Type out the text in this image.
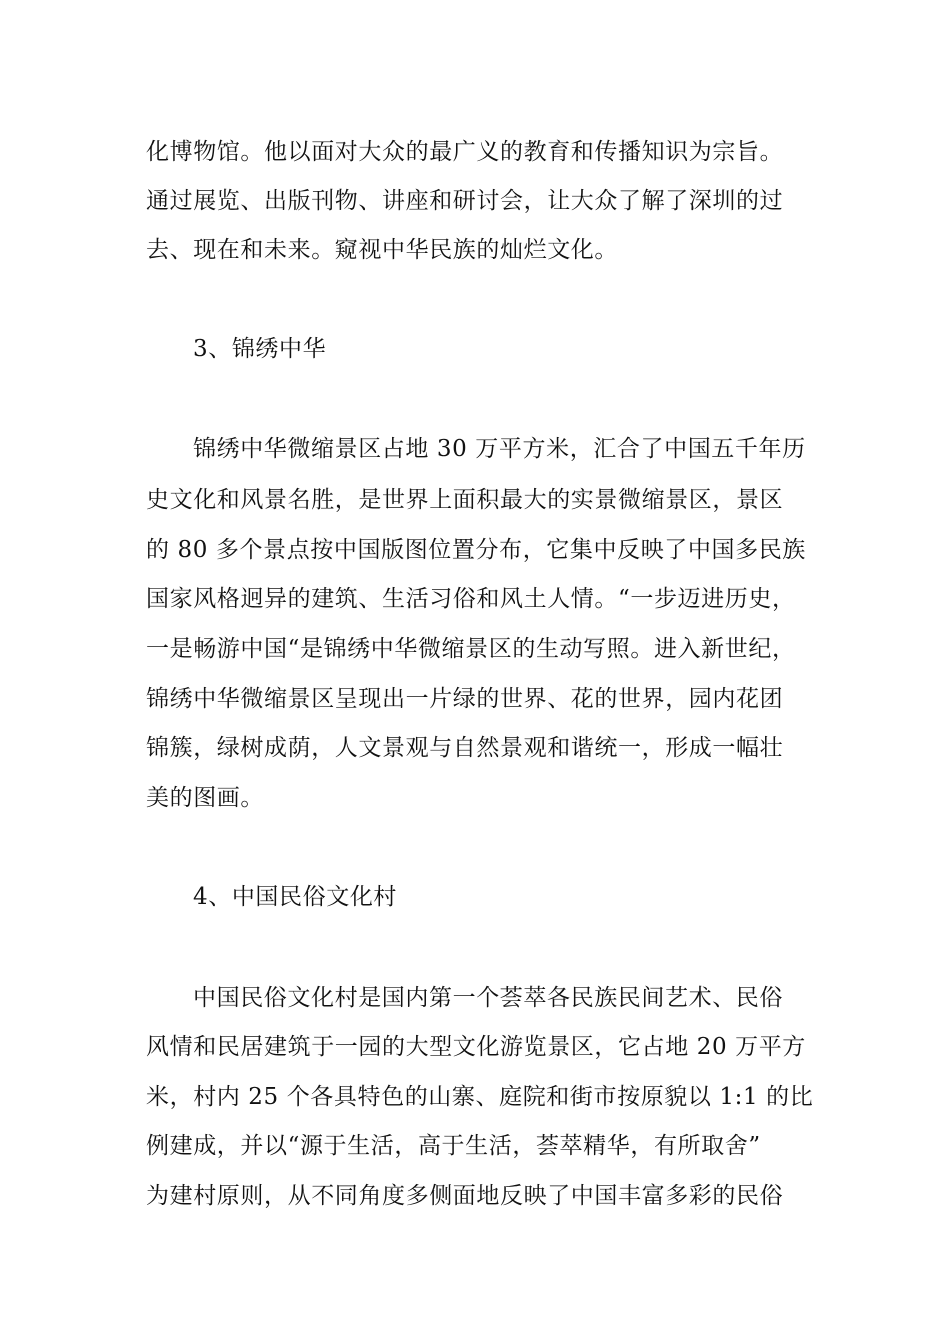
化博物馆。他以面对大众的最广义的教育和传播知识为宗旨。
通过展览、出版刊物、讲座和研讨会，让大众了解了深圳的过
去、现在和未来。窥视中华民族的灿烂文化。
3、锦绣中华
锦绣中华微缩景区占地 30 万平方米，汇合了中国五千年历
史文化和风景名胜，是世界上面积最大的实景微缩景区，景区
的 80 多个景点按中国版图位置分布，它集中反映了中国多民族
国家风格迥异的建筑、生活习俗和风土人情。“一步迈进历史，
一是畅游中国“是锦绣中华微缩景区的生动写照。进入新世纪，
锦绣中华微缩景区呈现出一片绿的世界、花的世界，园内花团
锦簇，绿树成荫，人文景观与自然景观和谐统一，形成一幅壮
美的图画。
4、中国民俗文化村
中国民俗文化村是国内第一个荟萃各民族民间艺术、民俗
风情和民居建筑于一园的大型文化游览景区，它占地 20 万平方
米，村内 25 个各具特色的山寨、庭院和街市按原貌以 1:1 的比
例建成，并以“源于生活，高于生活，荟萃精华，有所取舍”
为建村原则，从不同角度多侧面地反映了中国丰富多彩的民俗
